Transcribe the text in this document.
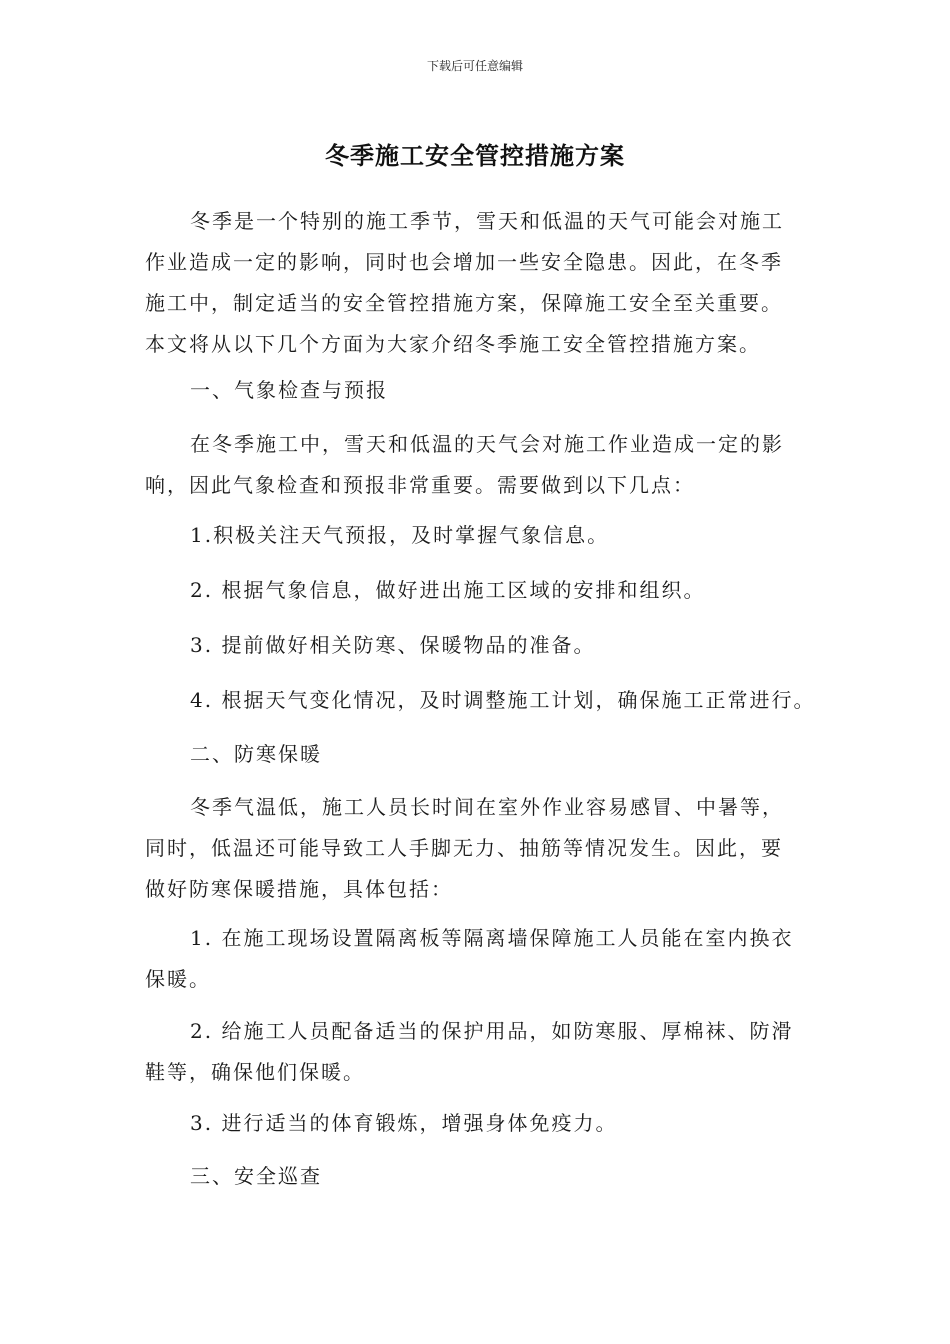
下载后可任意编辑
冬季施工安全管控措施方案
冬季是一个特别的施工季节，雪天和低温的天气可能会对施工
作业造成一定的影响，同时也会增加一些安全隐患。因此，在冬季
施工中，制定适当的安全管控措施方案，保障施工安全至关重要。
本文将从以下几个方面为大家介绍冬季施工安全管控措施方案。
一、气象检查与预报
在冬季施工中，雪天和低温的天气会对施工作业造成一定的影
响，因此气象检查和预报非常重要。需要做到以下几点：
1.积极关注天气预报，及时掌握气象信息。
2. 根据气象信息，做好进出施工区域的安排和组织。
3. 提前做好相关防寒、保暖物品的准备。
4. 根据天气变化情况，及时调整施工计划，确保施工正常进行。
二、防寒保暖
冬季气温低，施工人员长时间在室外作业容易感冒、中暑等，
同时，低温还可能导致工人手脚无力、抽筋等情况发生。因此，要
做好防寒保暖措施，具体包括：
1. 在施工现场设置隔离板等隔离墙保障施工人员能在室内换衣
保暖。
2. 给施工人员配备适当的保护用品，如防寒服、厚棉袜、防滑
鞋等，确保他们保暖。
3. 进行适当的体育锻炼，增强身体免疫力。
三、安全巡查
